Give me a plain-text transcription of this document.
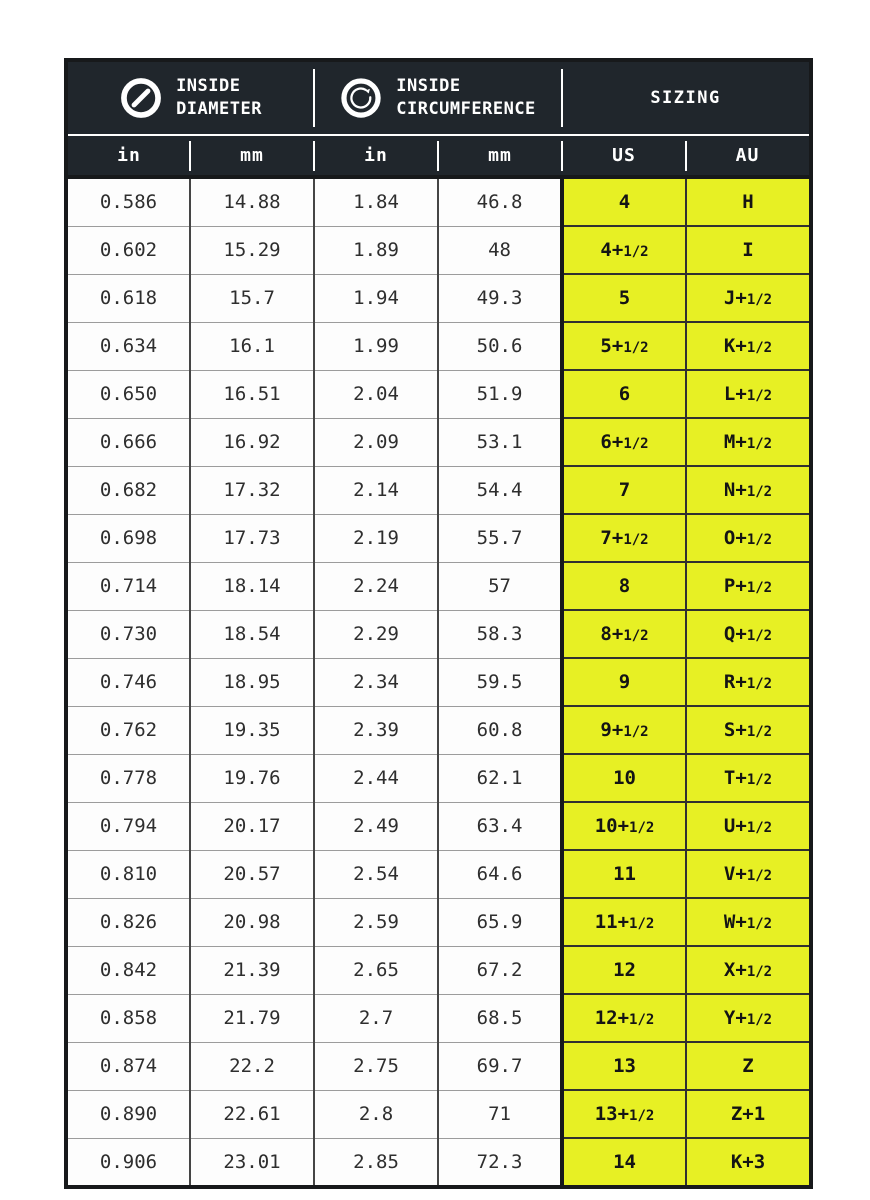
INSIDE
DIAMETER		INSIDE
CIRCUMFERENCE		SIZING	
in	mm	in	mm	US	AU
0.586	14.88	1.84	46.8	4	H
0.602	15.29	1.89	48	4+1/2	I
0.618	15.7	1.94	49.3	5	J+1/2
0.634	16.1	1.99	50.6	5+1/2	K+1/2
0.650	16.51	2.04	51.9	6	L+1/2
0.666	16.92	2.09	53.1	6+1/2	M+1/2
0.682	17.32	2.14	54.4	7	N+1/2
0.698	17.73	2.19	55.7	7+1/2	O+1/2
0.714	18.14	2.24	57	8	P+1/2
0.730	18.54	2.29	58.3	8+1/2	Q+1/2
0.746	18.95	2.34	59.5	9	R+1/2
0.762	19.35	2.39	60.8	9+1/2	S+1/2
0.778	19.76	2.44	62.1	10	T+1/2
0.794	20.17	2.49	63.4	10+1/2	U+1/2
0.810	20.57	2.54	64.6	11	V+1/2
0.826	20.98	2.59	65.9	11+1/2	W+1/2
0.842	21.39	2.65	67.2	12	X+1/2
0.858	21.79	2.7	68.5	12+1/2	Y+1/2
0.874	22.2	2.75	69.7	13	Z
0.890	22.61	2.8	71	13+1/2	Z+1
0.906	23.01	2.85	72.3	14	K+3
